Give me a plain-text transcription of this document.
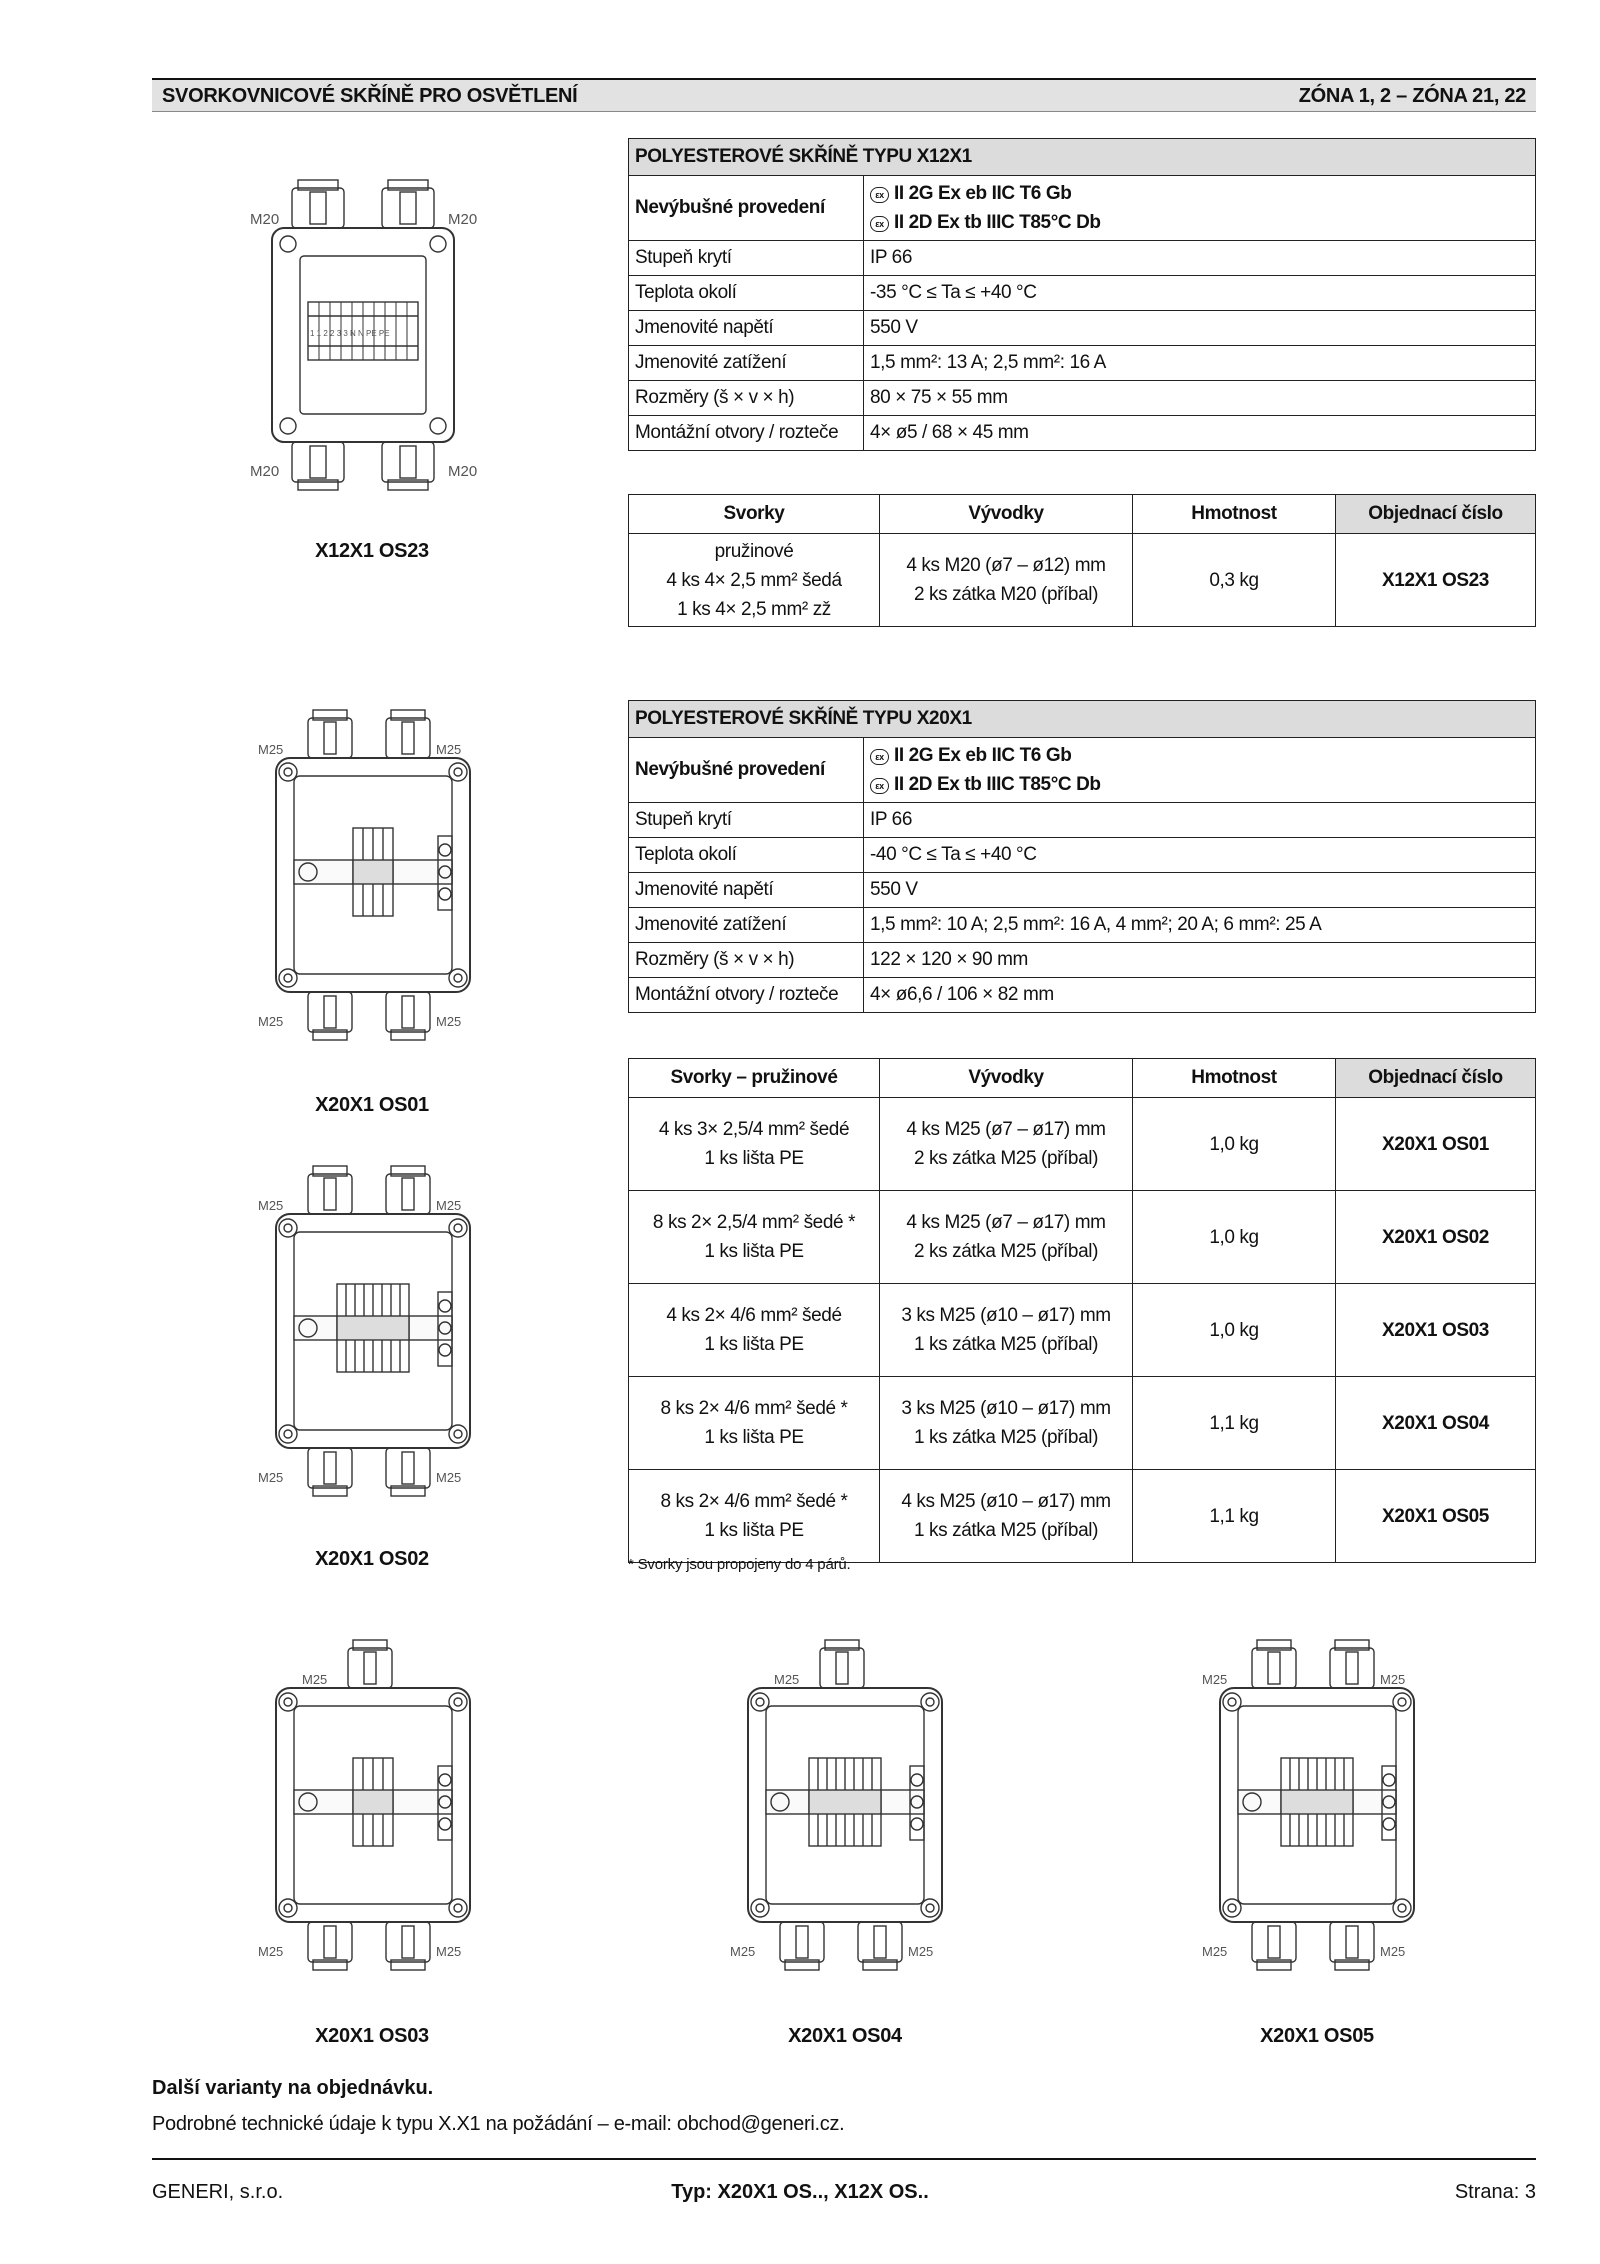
SVORKOVNICOVÉ SKŘÍNĚ PRO OSVĚTLENÍ	ZÓNA 1, 2 – ZÓNA 21, 22
POLYESTEROVÉ SKŘÍNĚ TYPU X12X1	
Nevýbušné provedení	εx II 2G Ex eb IIC T6 Gb
εx II 2D Ex tb IIIC T85°C Db

Stupeň krytí	IP 66
Teplota okolí	-35 °C ≤ Ta ≤ +40 °C
Jmenovité napětí	550 V
Jmenovité zatížení	1,5 mm²: 13 A; 2,5 mm²: 16 A
Rozměry (š × v × h)	80 × 75 × 55 mm
Montážní otvory / rozteče	4× ø5 / 68 × 45 mm
Svorky	Vývodky	Hmotnost	Objednací číslo

pružinové
4 ks 4× 2,5 mm² šedá
1 ks 4× 2,5 mm² zž	4 ks M20 (ø7 – ø12) mm
2 ks zátka M20 (příbal)	0,3 kg	X12X1 OS23
POLYESTEROVÉ SKŘÍNĚ TYPU X20X1	
Nevýbušné provedení	εx II 2G Ex eb IIC T6 Gb
εx II 2D Ex tb IIIC T85°C Db

Stupeň krytí	IP 66
Teplota okolí	-40 °C ≤ Ta ≤ +40 °C
Jmenovité napětí	550 V
Jmenovité zatížení	1,5 mm²: 10 A; 2,5 mm²: 16 A, 4 mm²; 20 A; 6 mm²: 25 A
Rozměry (š × v × h)	122 × 120 × 90 mm
Montážní otvory / rozteče	4× ø6,6 / 106 × 82 mm
Svorky – pružinové	Vývodky	Hmotnost	Objednací číslo

4 ks 3× 2,5/4 mm² šedé
1 ks lišta PE	4 ks M25 (ø7 – ø17) mm
2 ks zátka M25 (příbal)	1,0 kg	X20X1 OS01

8 ks 2× 2,5/4 mm² šedé *
1 ks lišta PE	4 ks M25 (ø7 – ø17) mm
2 ks zátka M25 (příbal)	1,0 kg	X20X1 OS02

4 ks 2× 4/6 mm² šedé
1 ks lišta PE	3 ks M25 (ø10 – ø17) mm
1 ks zátka M25 (příbal)	1,0 kg	X20X1 OS03

8 ks 2× 4/6 mm² šedé *
1 ks lišta PE	3 ks M25 (ø10 – ø17) mm
1 ks zátka M25 (příbal)	1,1 kg	X20X1 OS04

8 ks 2× 4/6 mm² šedé *
1 ks lišta PE	4 ks M25 (ø10 – ø17) mm
1 ks zátka M25 (příbal)	1,1 kg	X20X1 OS05
* Svorky jsou propojeny do 4 párů.
M20	M20
M20	M20
1 1 2 2 3 3 N N PE PE
X12X1 OS23
M25	M25
M25	M25
M25	M25
M25	M25
M25
M25	M25
M25
M25	M25
M25	M25
M25	M25
X20X1 OS01
X20X1 OS02
X20X1 OS03	X20X1 OS04	X20X1 OS05
Další varianty na objednávku.
Podrobné technické údaje k typu X.X1 na požádání – e-mail: obchod@generi.cz.
GENERI, s.r.o.	Typ: X20X1 OS.., X12X OS..	Strana: 3
